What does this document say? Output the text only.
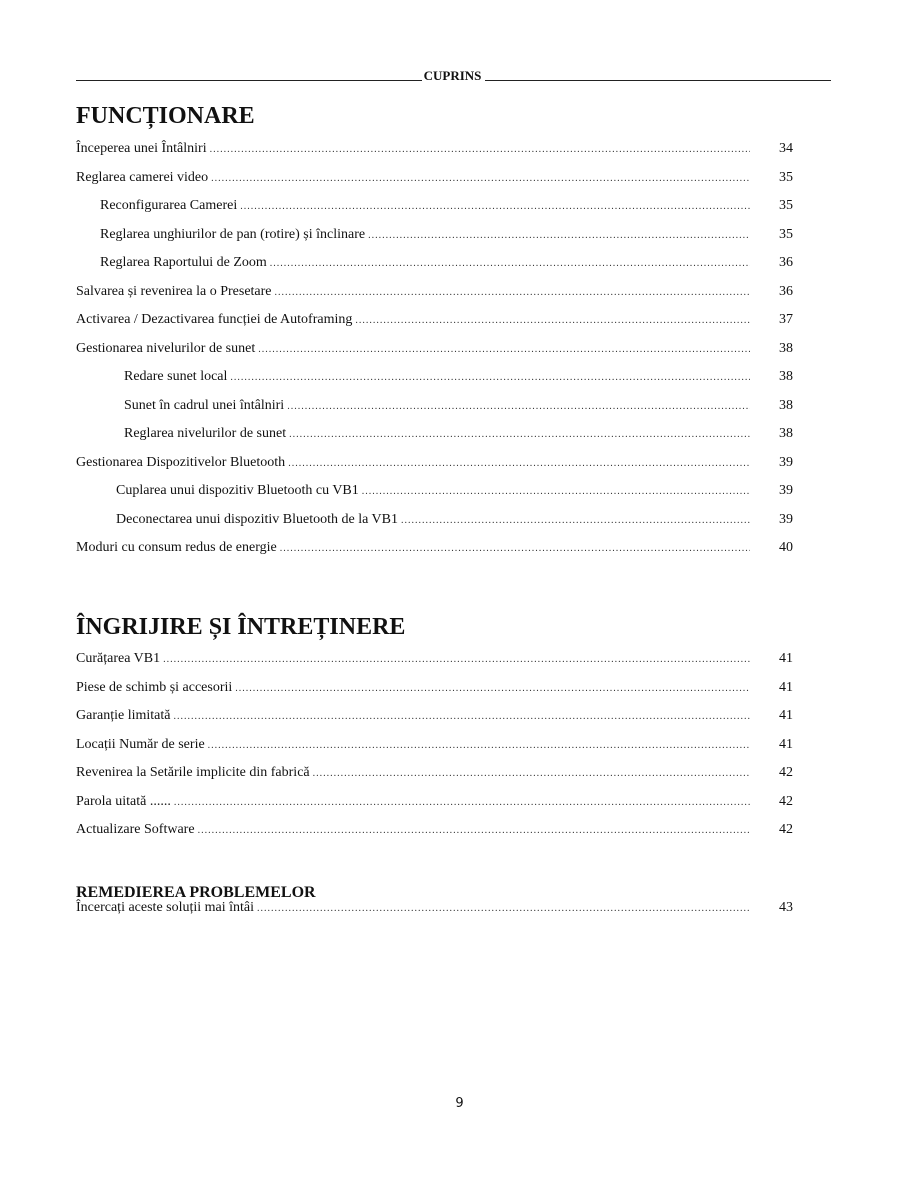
CUPRINS
FUNCȚIONARE
Începerea unei Întâlniri .....	34
Reglarea camerei video .....	35
Reconfigurarea Camerei .....	35
Reglarea unghiurilor de pan (rotire) și înclinare .....	35
Reglarea Raportului de Zoom .....	36
Salvarea și revenirea la o Presetare .....	36
Activarea / Dezactivarea funcției de Autoframing .....	37
Gestionarea nivelurilor de sunet .....	38
Redare sunet local .....	38
Sunet în cadrul unei întâlniri .....	38
Reglarea nivelurilor de sunet .....	38
Gestionarea Dispozitivelor Bluetooth .....	39
Cuplarea unui dispozitiv Bluetooth cu VB1 .....	39
Deconectarea unui dispozitiv Bluetooth de la VB1 .....	39
Moduri cu consum redus de energie .....	40
ÎNGRIJIRE ȘI ÎNTREȚINERE
Curățarea VB1 .....	41
Piese de schimb și accesorii .....	41
Garanție limitată .....	41
Locații Număr de serie .....	41
Revenirea la Setările implicite din fabrică .....	42
Parola uitată ...... .....	42
Actualizare Software .....	42
REMEDIEREA PROBLEMELOR
Încercați aceste soluții mai întâi .....	43
9
